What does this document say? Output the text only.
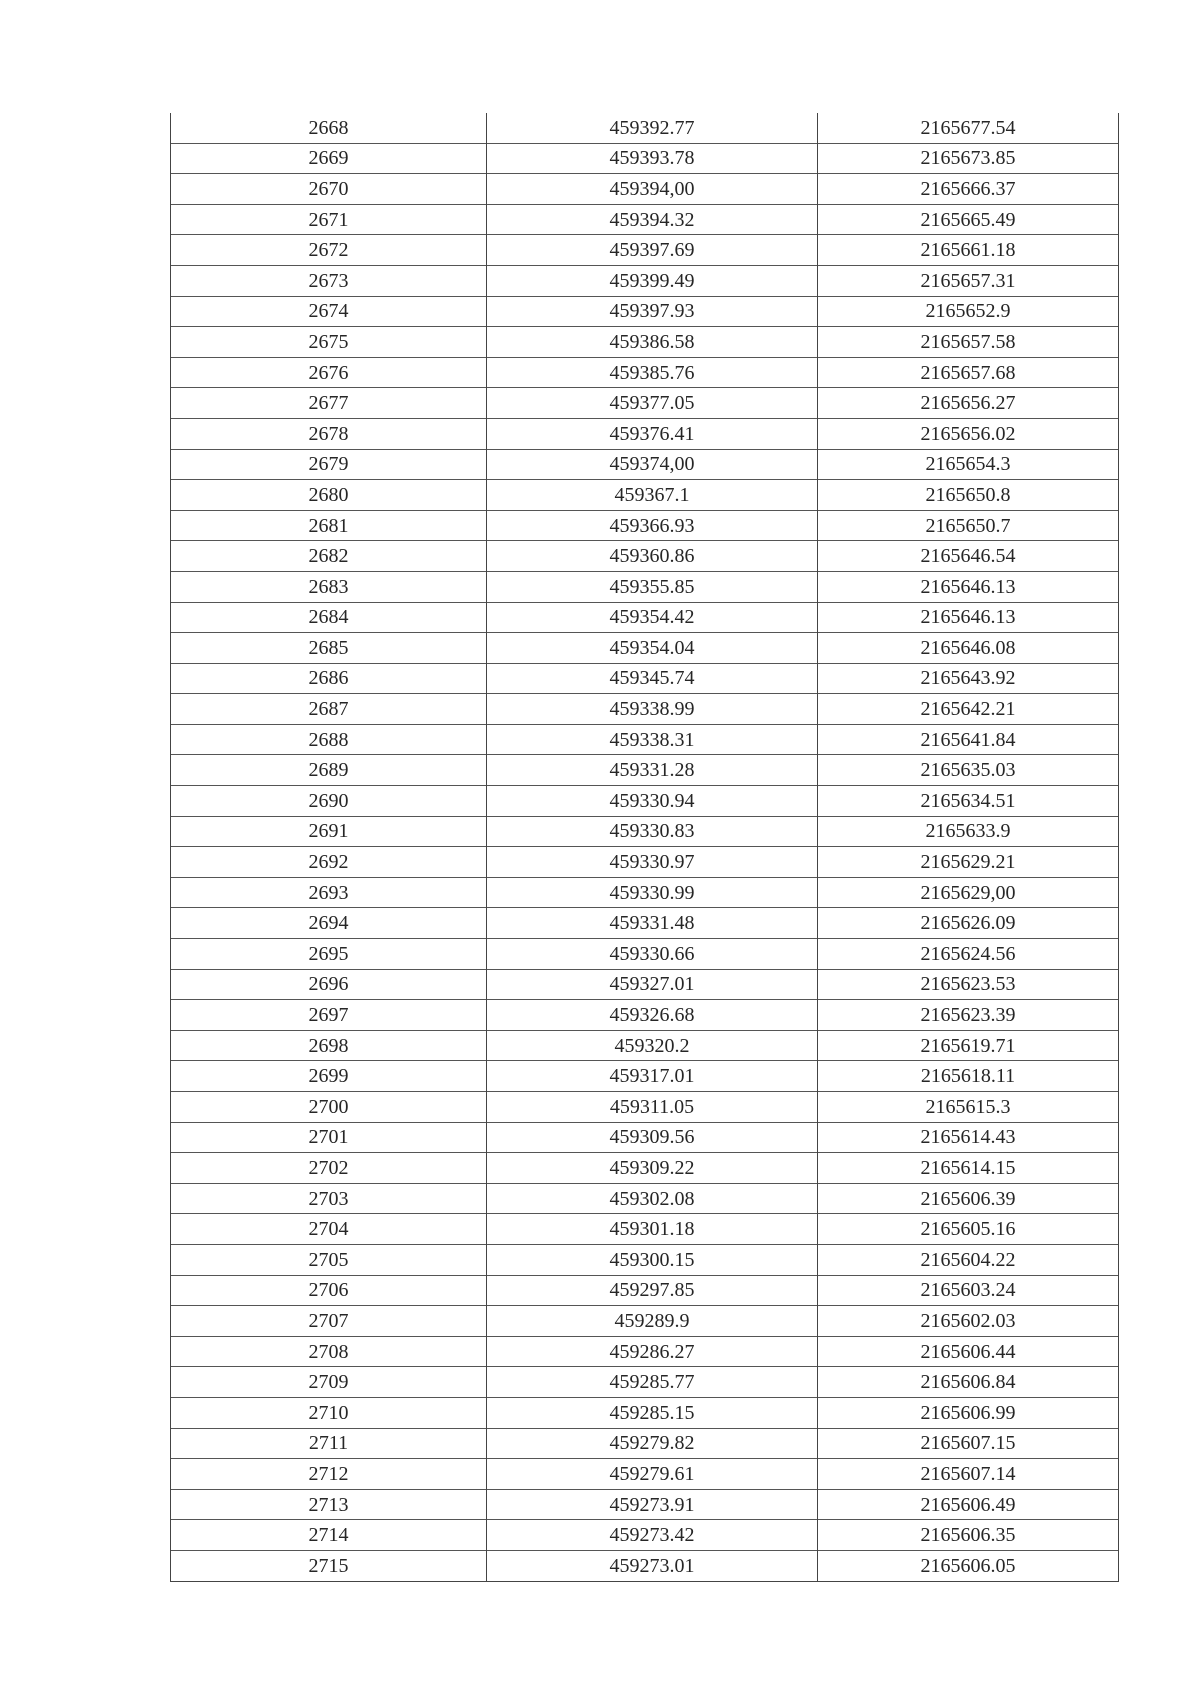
2668	459392.77	2165677.54
2669	459393.78	2165673.85
2670	459394,00	2165666.37
2671	459394.32	2165665.49
2672	459397.69	2165661.18
2673	459399.49	2165657.31
2674	459397.93	2165652.9
2675	459386.58	2165657.58
2676	459385.76	2165657.68
2677	459377.05	2165656.27
2678	459376.41	2165656.02
2679	459374,00	2165654.3
2680	459367.1	2165650.8
2681	459366.93	2165650.7
2682	459360.86	2165646.54
2683	459355.85	2165646.13
2684	459354.42	2165646.13
2685	459354.04	2165646.08
2686	459345.74	2165643.92
2687	459338.99	2165642.21
2688	459338.31	2165641.84
2689	459331.28	2165635.03
2690	459330.94	2165634.51
2691	459330.83	2165633.9
2692	459330.97	2165629.21
2693	459330.99	2165629,00
2694	459331.48	2165626.09
2695	459330.66	2165624.56
2696	459327.01	2165623.53
2697	459326.68	2165623.39
2698	459320.2	2165619.71
2699	459317.01	2165618.11
2700	459311.05	2165615.3
2701	459309.56	2165614.43
2702	459309.22	2165614.15
2703	459302.08	2165606.39
2704	459301.18	2165605.16
2705	459300.15	2165604.22
2706	459297.85	2165603.24
2707	459289.9	2165602.03
2708	459286.27	2165606.44
2709	459285.77	2165606.84
2710	459285.15	2165606.99
2711	459279.82	2165607.15
2712	459279.61	2165607.14
2713	459273.91	2165606.49
2714	459273.42	2165606.35
2715	459273.01	2165606.05
